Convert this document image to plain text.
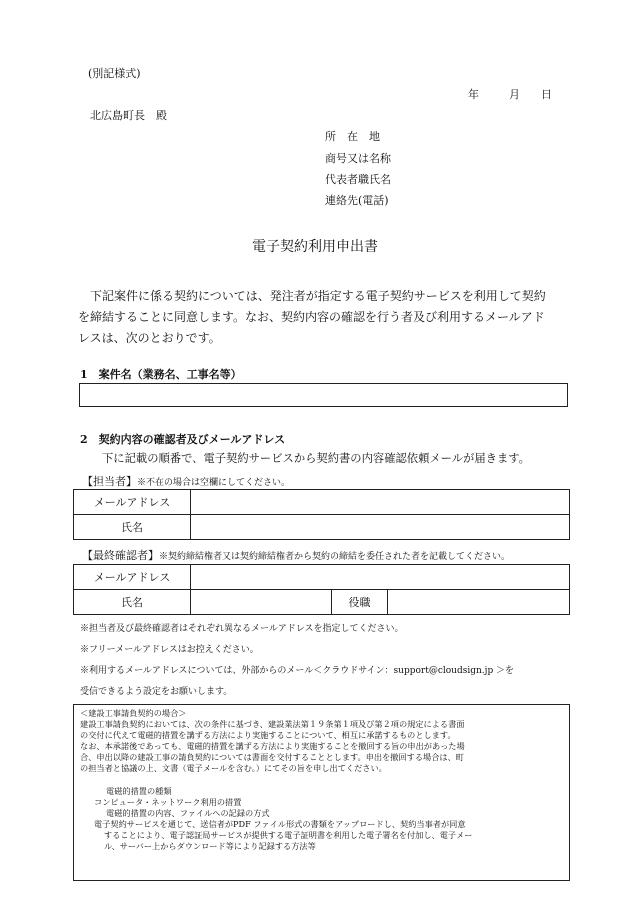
(別記様式)
年	月 日
北広島町長　殿
所　在　地
商号又は名称
代表者職氏名
連絡先(電話)
電子契約利用申出書
下記案件に係る契約については、発注者が指定する電子契約サービスを利用して契約を締結することに同意します。なお、契約内容の確認を行う者及び利用するメールアドレスは、次のとおりです。
1　案件名（業務名、工事名等）
2　契約内容の確認者及びメールアドレス
下に記載の順番で、電子契約サービスから契約書の内容確認依頼メールが届きます。
【担当者】※不在の場合は空欄にしてください。
メールアドレス	
氏名	
【最終確認者】※契約締結権者又は契約締結権者から契約の締結を委任された者を記載してください。
メールアドレス			
氏名		役職	
※担当者及び最終確認者はそれぞれ異なるメールアドレスを指定してください。
※フリーメールアドレスはお控えください。
※利用するメールアドレスについては、外部からのメール＜クラウドサイン：support@cloudsign.jp ＞を
受信できるよう設定をお願いします。
＜建設工事請負契約の場合＞
建設工事請負契約においては、次の条件に基づき、建設業法第１９条第１項及び第２項の規定による書面
の交付に代えて電磁的措置を講ずる方法により実施することについて、相互に承諾するものとします。
なお、本承諾後であっても、電磁的措置を講ずる方法により実施することを撤回する旨の申出があった場
合、申出以降の建設工事の請負契約については書面を交付することとします。申出を撤回する場合は、町
の担当者と協議の上、文書（電子メールを含む。）にてその旨を申し出てください。
電磁的措置の種類
コンピュータ・ネットワーク利用の措置
電磁的措置の内容、ファイルへの記録の方式
電子契約サービスを通じて、送信者がPDF ファイル形式の書類をアップロードし、契約当事者が同意
することにより、電子認証局サービスが提供する電子証明書を利用した電子署名を付加し、電子メー
ル、サーバー上からダウンロード等により記録する方法等
